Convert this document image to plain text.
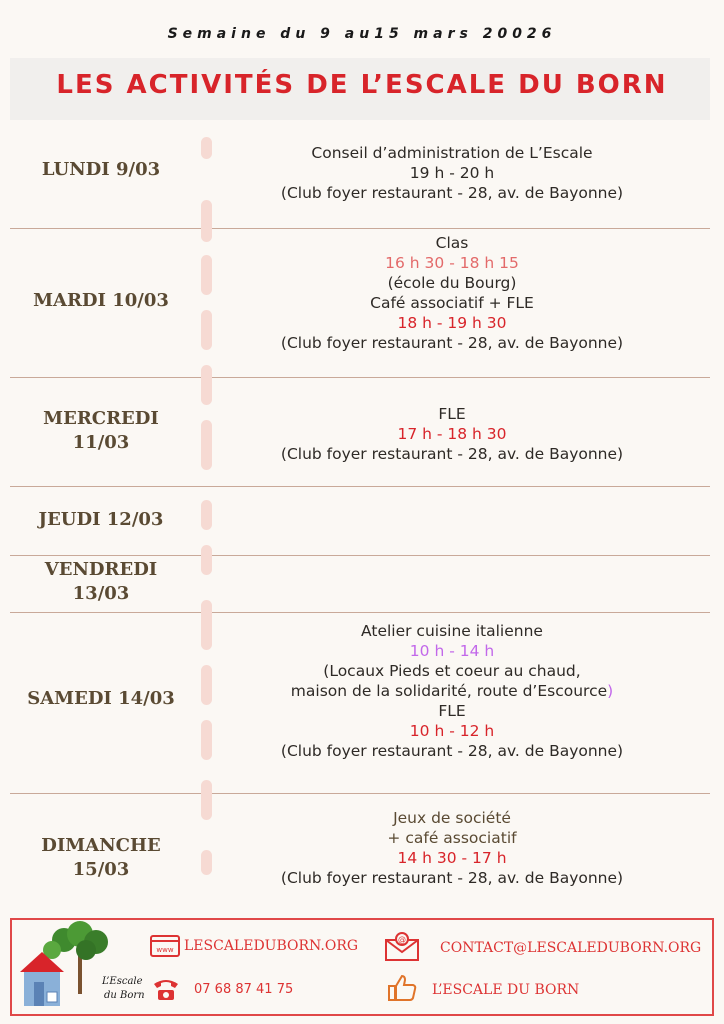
Semaine du 9 au15 mars 20026
LES ACTIVITÉS DE L’ESCALE DU BORN
LUNDI 9/03
Conseil d’administration de L’Escale
19 h - 20 h
(Club foyer restaurant - 28, av. de Bayonne)
MARDI 10/03
Clas
16 h 30 - 18 h 15
(école du Bourg)
Café associatif + FLE
18 h - 19 h 30
(Club foyer restaurant - 28, av. de Bayonne)
MERCREDI
11/03
FLE
17 h - 18 h 30
(Club foyer restaurant - 28, av. de Bayonne)
JEUDI 12/03
VENDREDI
13/03
SAMEDI 14/03
Atelier cuisine italienne
10 h - 14 h
(Locaux Pieds et coeur au chaud,
maison de la solidarité, route d’Escource)
FLE
10 h - 12 h
(Club foyer restaurant - 28, av. de Bayonne)
DIMANCHE
15/03
Jeux de société
+ café associatif
14 h 30 - 17 h
(Club foyer restaurant - 28, av. de Bayonne)
L’Escale
du Born
www LESCALEDUBORN.ORG
07 68 87 41 75
@
CONTACT@LESCALEDUBORN.ORG
L’ESCALE DU BORN
